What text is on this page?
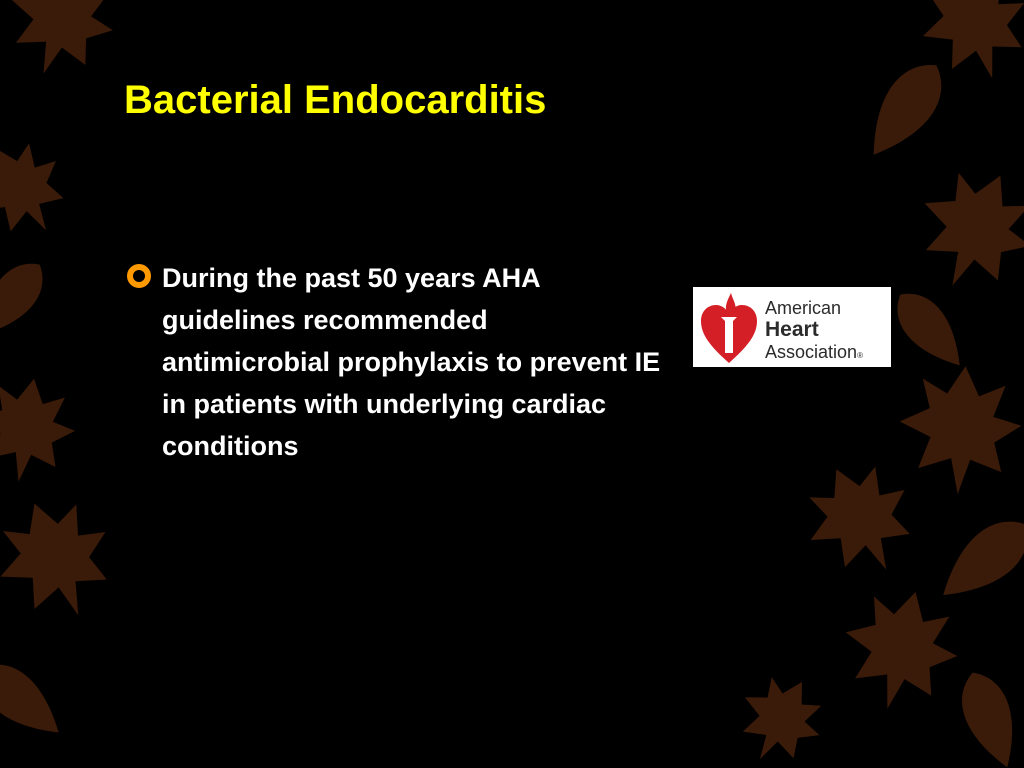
Bacterial Endocarditis
During the past 50 years AHA guidelines recommended antimicrobial prophylaxis to prevent IE in patients with underlying cardiac conditions
American
Heart
Association®
